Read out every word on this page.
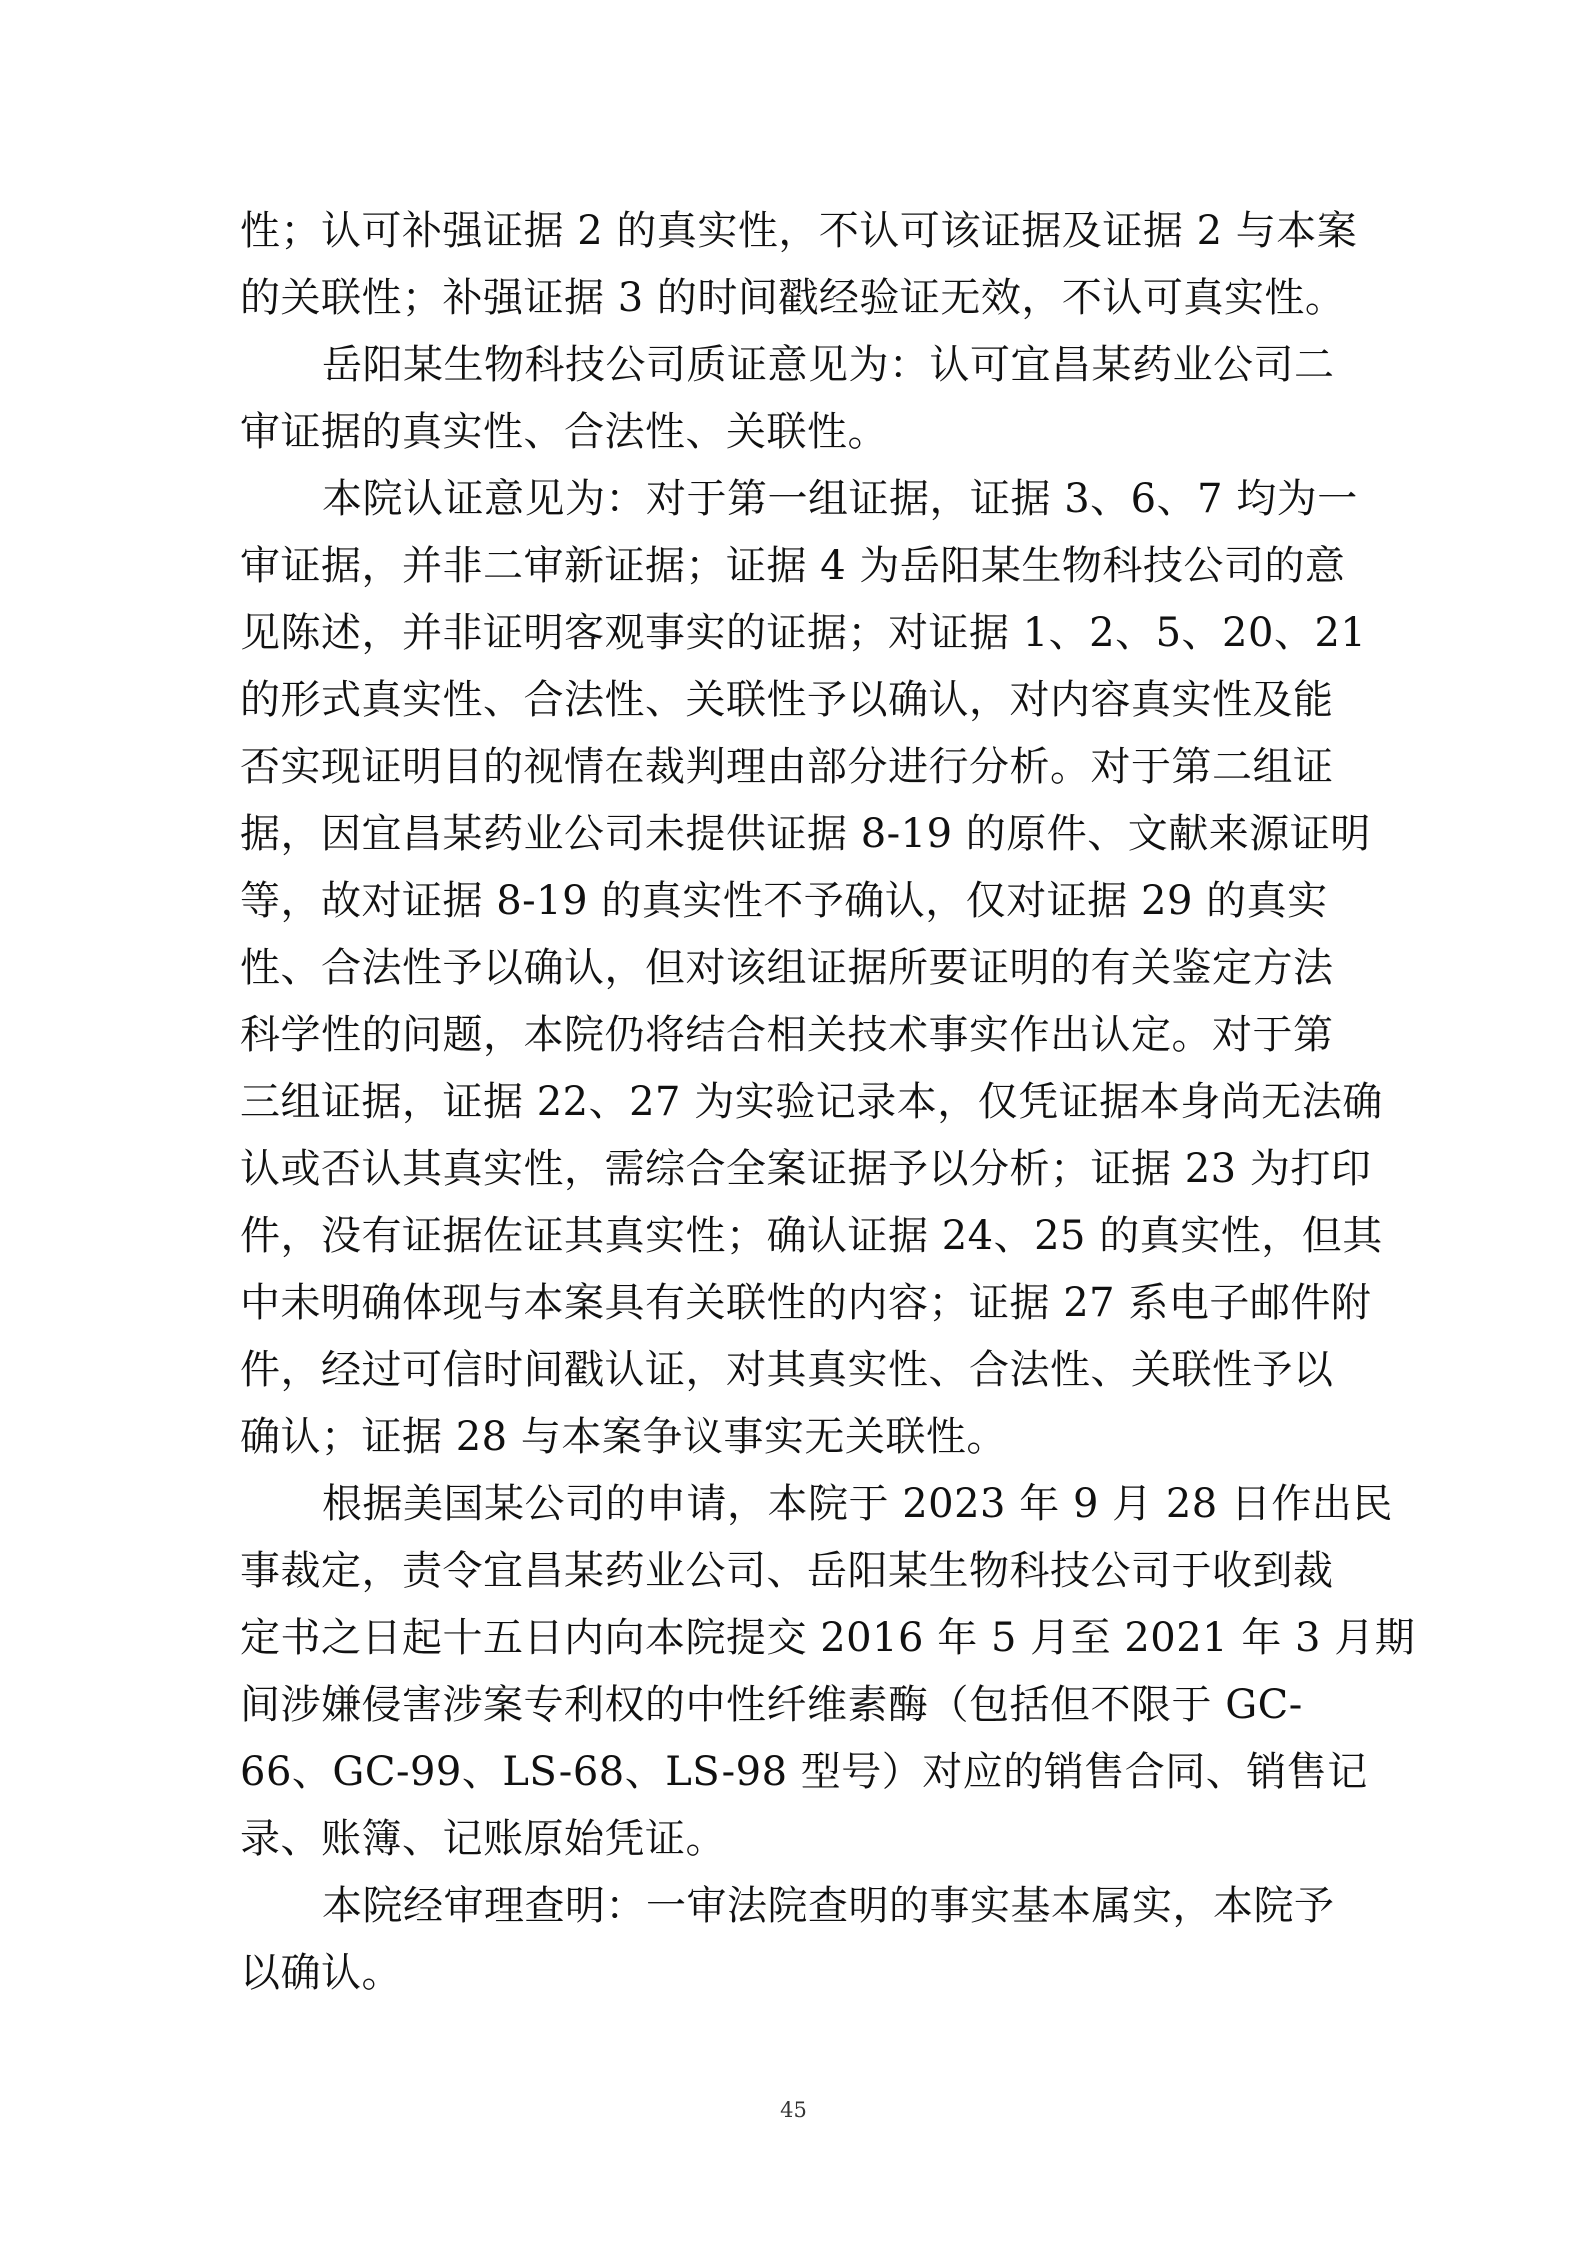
性；认可补强证据 2 的真实性，不认可该证据及证据 2 与本案
的关联性；补强证据 3 的时间戳经验证无效，不认可真实性。
岳阳某生物科技公司质证意见为：认可宜昌某药业公司二
审证据的真实性、合法性、关联性。
本院认证意见为：对于第一组证据，证据 3、6、7 均为一
审证据，并非二审新证据；证据 4 为岳阳某生物科技公司的意
见陈述，并非证明客观事实的证据；对证据 1、2、5、20、21
的形式真实性、合法性、关联性予以确认，对内容真实性及能
否实现证明目的视情在裁判理由部分进行分析。对于第二组证
据，因宜昌某药业公司未提供证据 8-19 的原件、文献来源证明
等，故对证据 8-19 的真实性不予确认，仅对证据 29 的真实
性、合法性予以确认，但对该组证据所要证明的有关鉴定方法
科学性的问题，本院仍将结合相关技术事实作出认定。对于第
三组证据，证据 22、27 为实验记录本，仅凭证据本身尚无法确
认或否认其真实性，需综合全案证据予以分析；证据 23 为打印
件，没有证据佐证其真实性；确认证据 24、25 的真实性，但其
中未明确体现与本案具有关联性的内容；证据 27 系电子邮件附
件，经过可信时间戳认证，对其真实性、合法性、关联性予以
确认；证据 28 与本案争议事实无关联性。
根据美国某公司的申请，本院于 2023 年 9 月 28 日作出民
事裁定，责令宜昌某药业公司、岳阳某生物科技公司于收到裁
定书之日起十五日内向本院提交 2016 年 5 月至 2021 年 3 月期
间涉嫌侵害涉案专利权的中性纤维素酶（包括但不限于 GC-
66、GC-99、LS-68、LS-98 型号）对应的销售合同、销售记
录、账簿、记账原始凭证。
本院经审理查明：一审法院查明的事实基本属实，本院予
以确认。
45
